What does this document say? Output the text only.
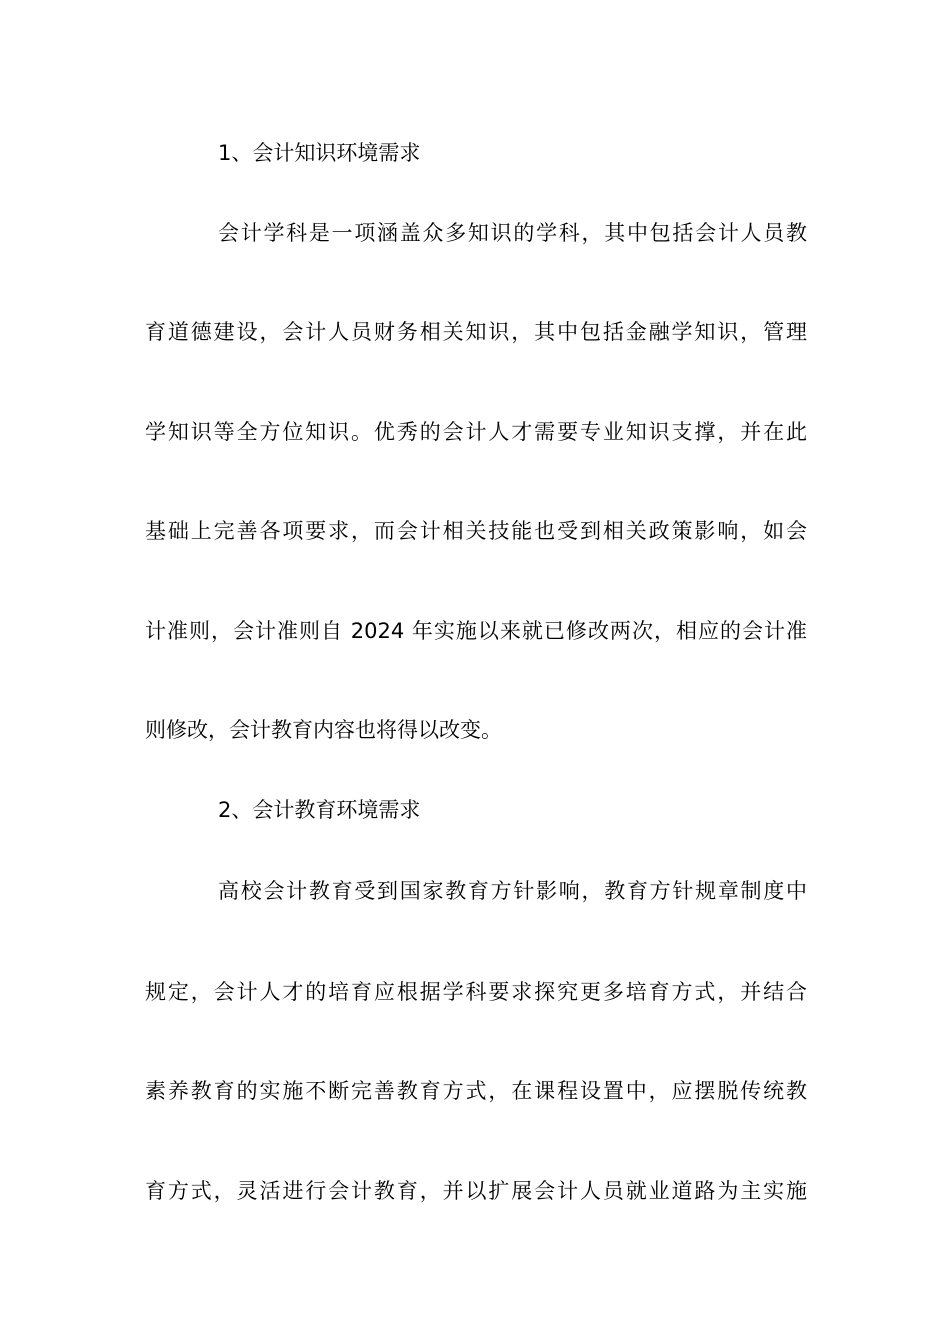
1、会计知识环境需求
会计学科是一项涵盖众多知识的学科，其中包括会计人员教
育道德建设，会计人员财务相关知识，其中包括金融学知识，管理
学知识等全方位知识。优秀的会计人才需要专业知识支撑，并在此
基础上完善各项要求，而会计相关技能也受到相关政策影响，如会
计准则，会计准则自 2024 年实施以来就已修改两次，相应的会计准
则修改，会计教育内容也将得以改变。
2、会计教育环境需求
高校会计教育受到国家教育方针影响，教育方针规章制度中
规定，会计人才的培育应根据学科要求探究更多培育方式，并结合
素养教育的实施不断完善教育方式，在课程设置中，应摆脱传统教
育方式，灵活进行会计教育，并以扩展会计人员就业道路为主实施
